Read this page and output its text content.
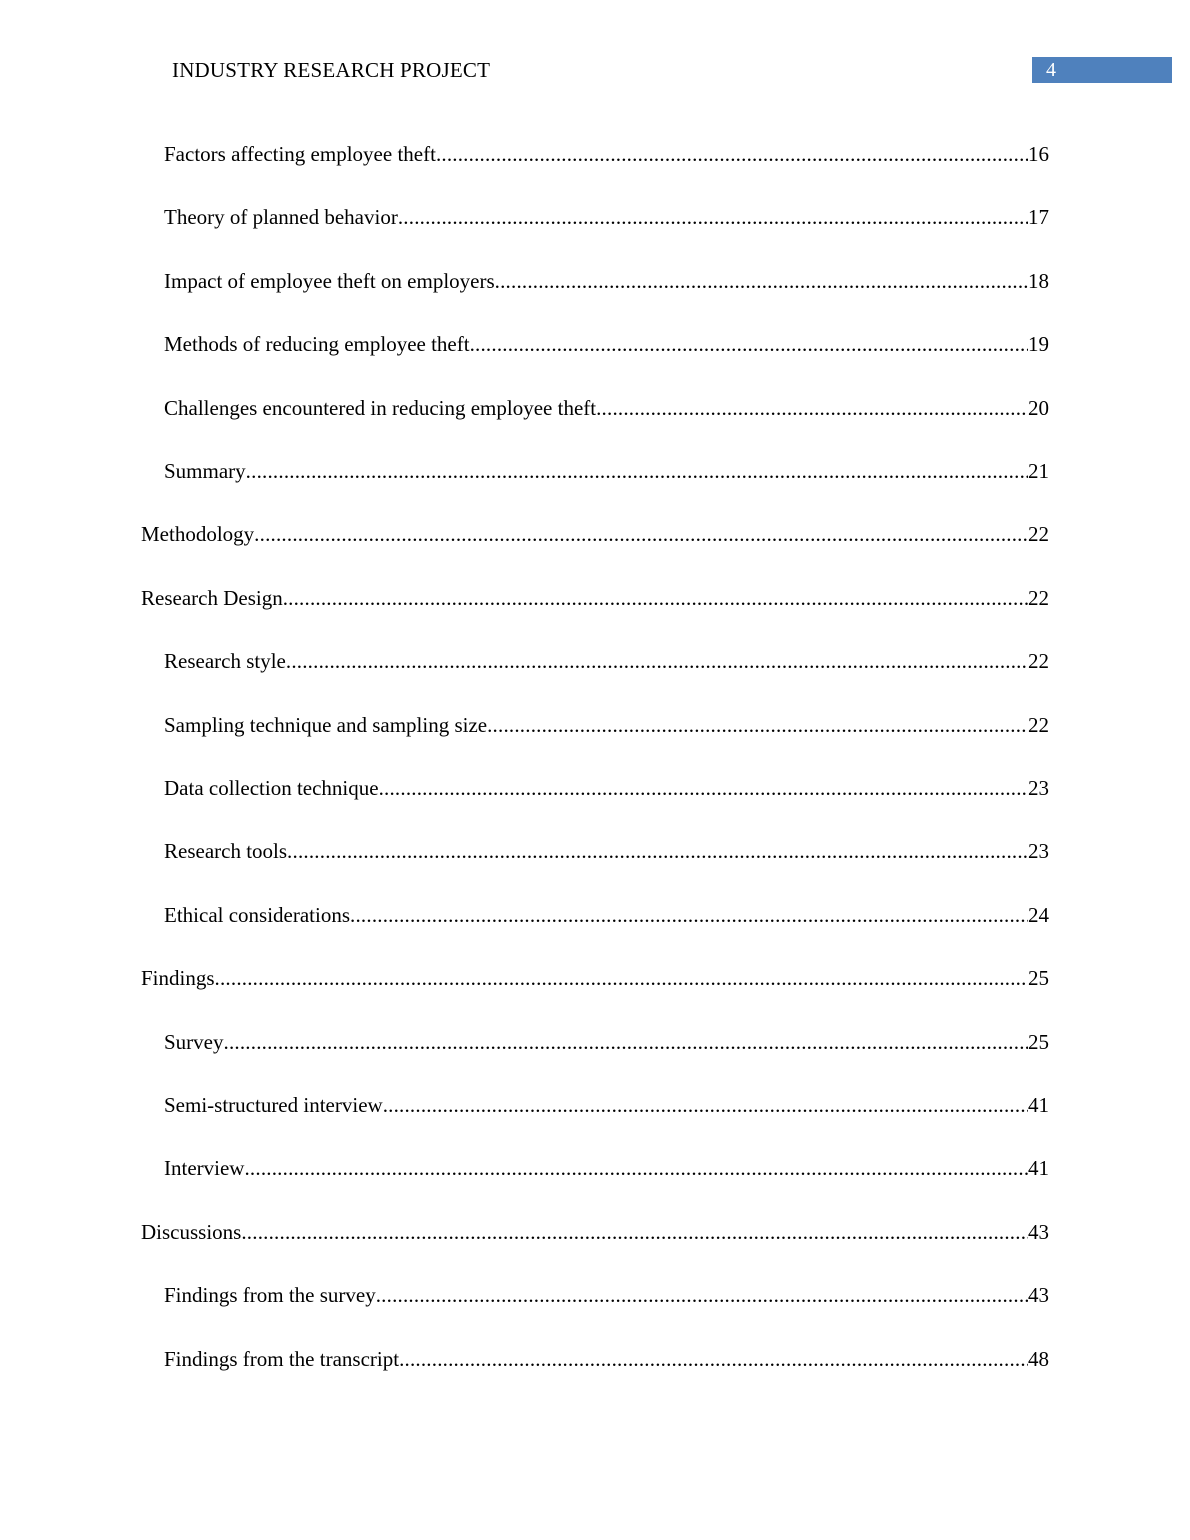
INDUSTRY RESEARCH PROJECT	4
Factors affecting employee theft .....	16
Theory of planned behavior .....	17
Impact of employee theft on employers .....	18
Methods of reducing employee theft .....	19
Challenges encountered in reducing employee theft .....	20
Summary .....	21
Methodology .....	22
Research Design .....	22
Research style .....	22
Sampling technique and sampling size .....	22
Data collection technique .....	23
Research tools .....	23
Ethical considerations .....	24
Findings .....	25
Survey .....	25
Semi-structured interview .....	41
Interview .....	41
Discussions .....	43
Findings from the survey .....	43
Findings from the transcript .....	48
